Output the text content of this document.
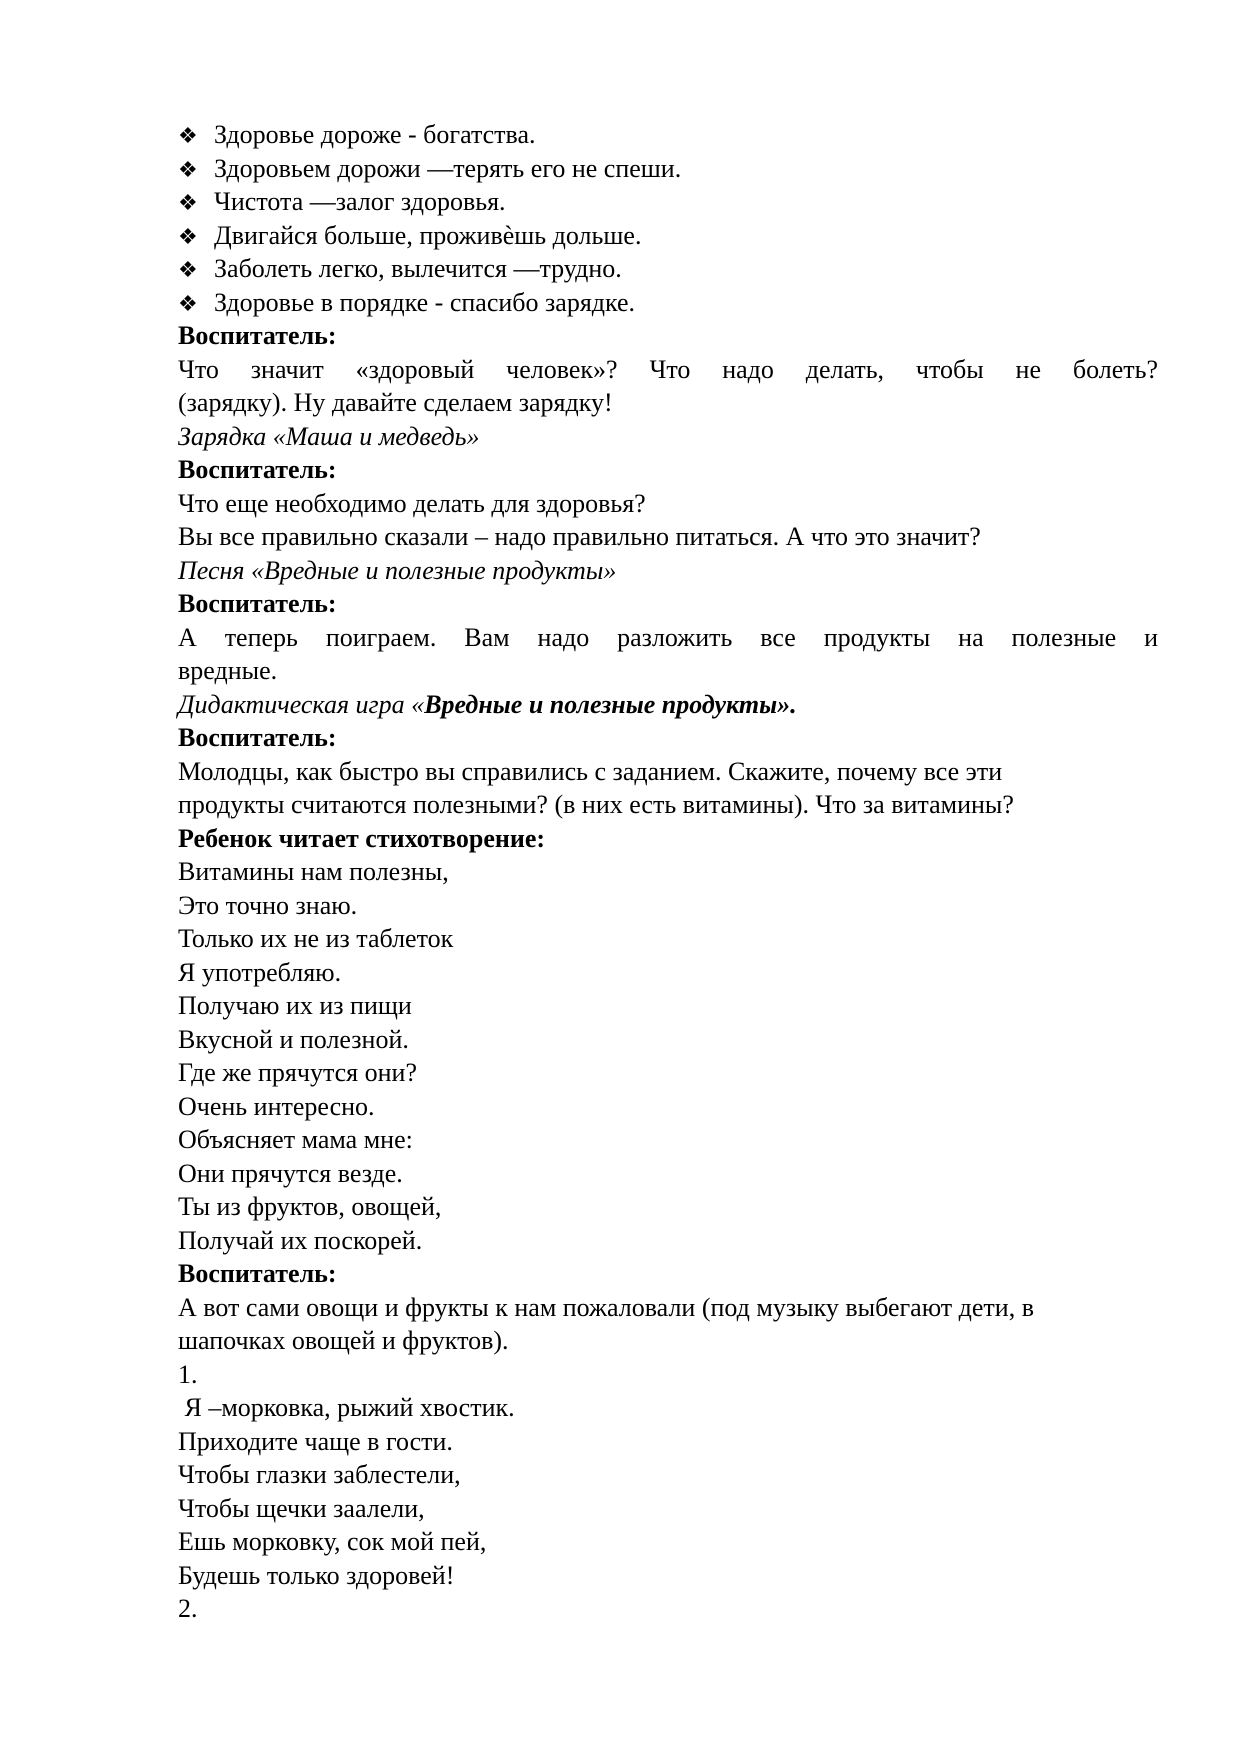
❖ Здоровье дороже - богатства.
❖ Здоровьем дорожи —терять его не спеши.
❖ Чистота —залог здоровья.
❖ Двигайся больше, проживѐшь дольше.
❖ Заболеть легко, вылечится —трудно.
❖ Здоровье в порядке - спасибо зарядке.
Воспитатель:
Что значит «здоровый человек»? Что надо делать, чтобы не болеть?
(зарядку). Ну давайте сделаем зарядку!
Зарядка «Маша и медведь»
Воспитатель:
Что еще необходимо делать для здоровья?
Вы все правильно сказали – надо правильно питаться. А что это значит?
Песня «Вредные и полезные продукты»
Воспитатель:
А теперь поиграем. Вам надо разложить все продукты на полезные и
вредные.
Дидактическая игра «Вредные и полезные продукты».
Воспитатель:
Молодцы, как быстро вы справились с заданием. Скажите, почему все эти
продукты считаются полезными? (в них есть витамины). Что за витамины?
Ребенок читает стихотворение:
Витамины нам полезны,
Это точно знаю.
Только их не из таблеток
Я употребляю.
Получаю их из пищи
Вкусной и полезной.
Где же прячутся они?
Очень интересно.
Объясняет мама мне:
Они прячутся везде.
Ты из фруктов, овощей,
Получай их поскорей.
Воспитатель:
А вот сами овощи и фрукты к нам пожаловали (под музыку выбегают дети, в
шапочках овощей и фруктов).
1.
Я –морковка, рыжий хвостик.
Приходите чаще в гости.
Чтобы глазки заблестели,
Чтобы щечки заалели,
Ешь морковку, сок мой пей,
Будешь только здоровей!
2.
